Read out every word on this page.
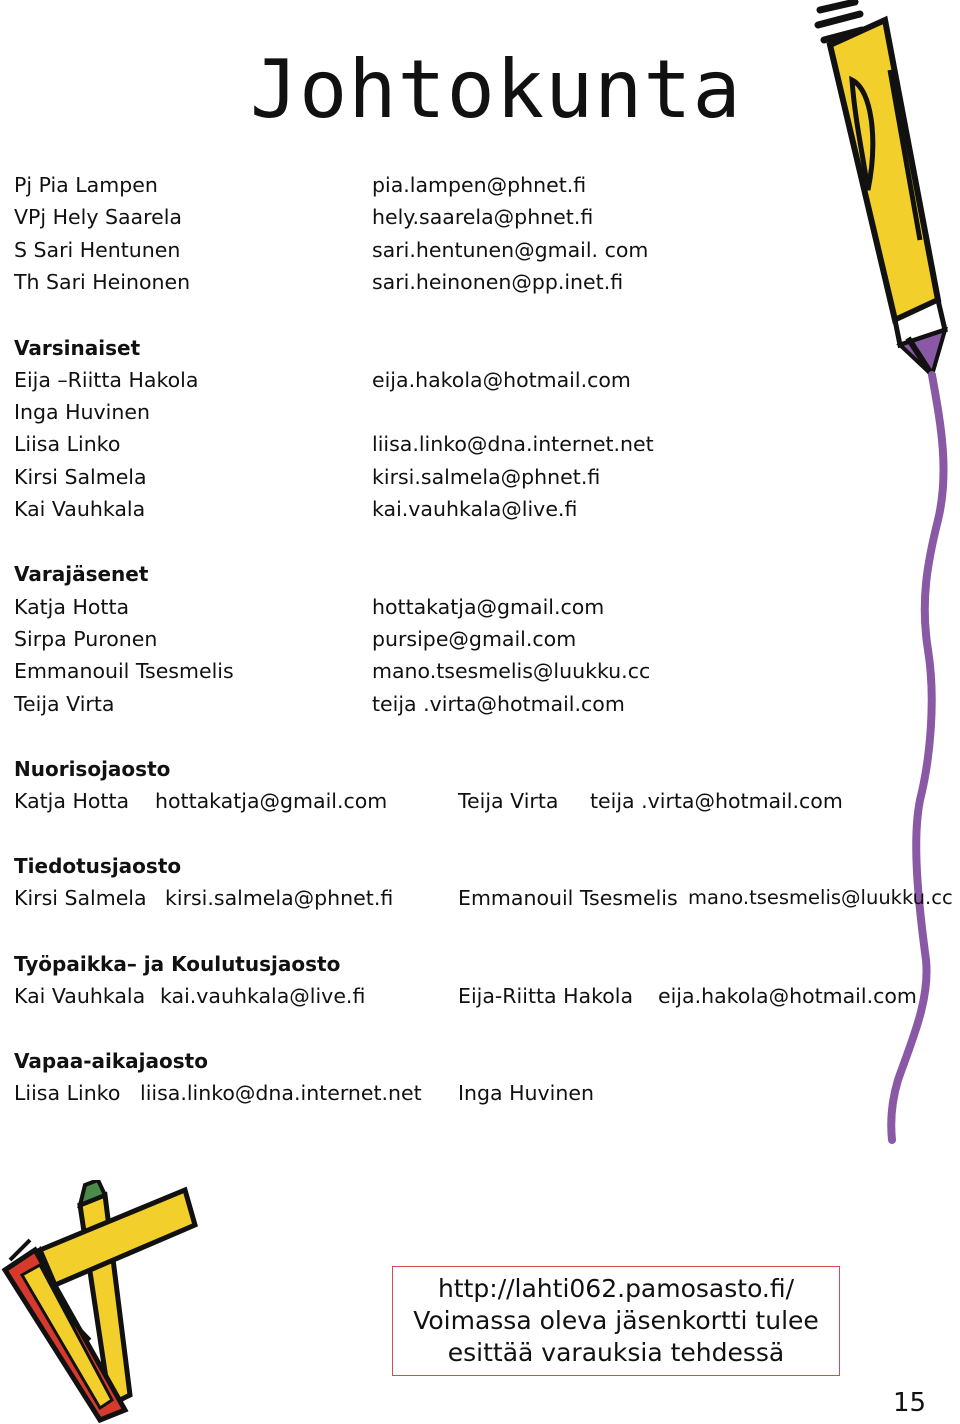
Johtokunta
Pj Pia Lampen	pia.lampen@phnet.fi
VPj Hely Saarela	hely.saarela@phnet.fi
S Sari Hentunen	sari.hentunen@gmail. com
Th Sari Heinonen	sari.heinonen@pp.inet.fi
Varsinaiset
Eija –Riitta Hakola	eija.hakola@hotmail.com
Inga Huvinen
Liisa Linko	liisa.linko@dna.internet.net
Kirsi Salmela	kirsi.salmela@phnet.fi
Kai Vauhkala	kai.vauhkala@live.fi
Varajäsenet
Katja Hotta	hottakatja@gmail.com
Sirpa Puronen	pursipe@gmail.com
Emmanouil Tsesmelis	mano.tsesmelis@luukku.cc
Teija Virta	teija .virta@hotmail.com
Nuorisojaosto
Katja Hotta hottakatja@gmail.com	Teija Virta teija .virta@hotmail.com
Tiedotusjaosto
Kirsi Salmela kirsi.salmela@phnet.fi	Emmanouil Tsesmelis mano.tsesmelis@luukku.cc
Työpaikka– ja Koulutusjaosto
Kai Vauhkala kai.vauhkala@live.fi	Eija-Riitta Hakola eija.hakola@hotmail.com
Vapaa-aikajaosto
Liisa Linko liisa.linko@dna.internet.net Inga Huvinen
http://lahti062.pamosasto.fi/
Voimassa oleva jäsenkortti tulee
esittää varauksia tehdessä
15
